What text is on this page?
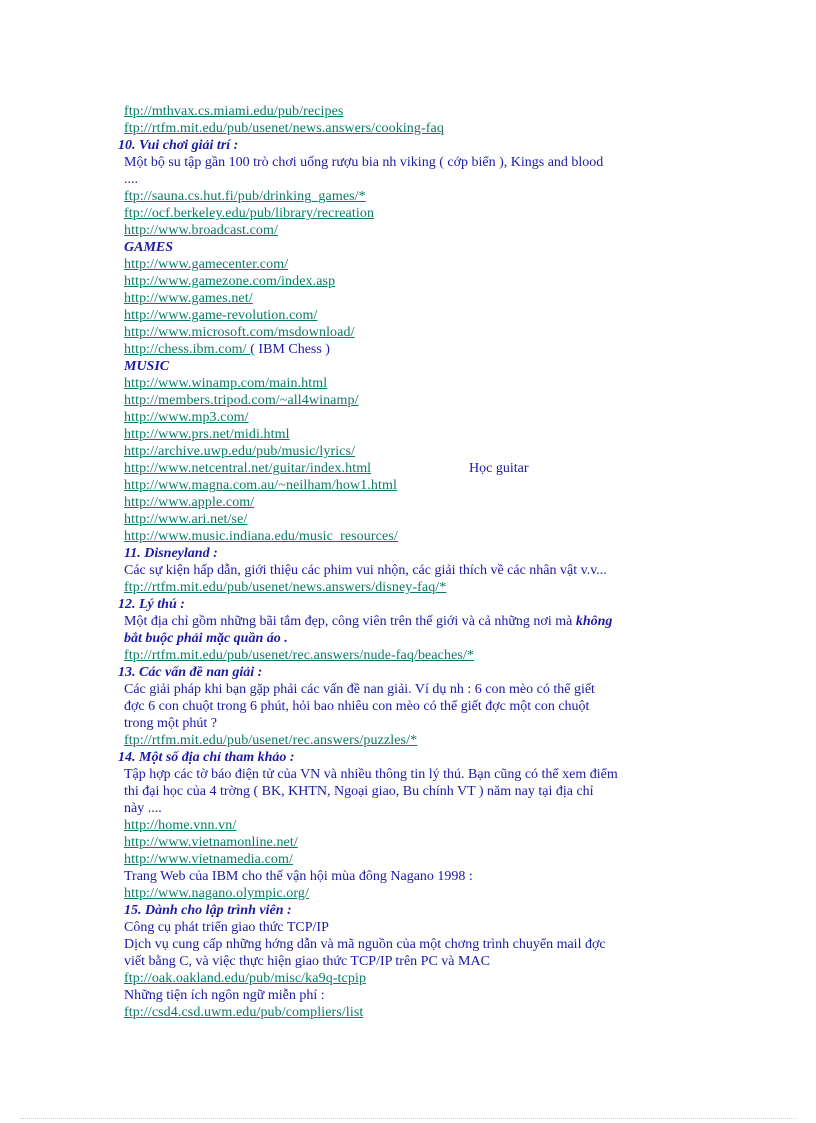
ftp://mthvax.cs.miami.edu/pub/recipes
ftp://rtfm.mit.edu/pub/usenet/news.answers/cooking-faq
10. Vui chơi giải trí :
Một bộ su tập gần 100 trò chơi uống rượu bia nh viking ( cớp biển ), Kings and blood
....
ftp://sauna.cs.hut.fi/pub/drinking_games/*
ftp://ocf.berkeley.edu/pub/library/recreation
http://www.broadcast.com/
GAMES
http://www.gamecenter.com/
http://www.gamezone.com/index.asp
http://www.games.net/
http://www.game-revolution.com/
http://www.microsoft.com/msdownload/
http://chess.ibm.com/ ( IBM Chess )
MUSIC
http://www.winamp.com/main.html
http://members.tripod.com/~all4winamp/
http://www.mp3.com/
http://www.prs.net/midi.html
http://archive.uwp.edu/pub/music/lyrics/
http://www.netcentral.net/guitar/index.html	Học guitar
http://www.magna.com.au/~neilham/how1.html
http://www.apple.com/
http://www.ari.net/se/
http://www.music.indiana.edu/music_resources/
11. Disneyland :
Các sự kiện hấp dẫn, giới thiệu các phim vui nhộn, các giải thích về các nhân vật v.v...
ftp://rtfm.mit.edu/pub/usenet/news.answers/disney-faq/*
12. Lý thú :
Một địa chỉ gồm những bãi tắm đẹp, công viên trên thế giới và cả những nơi mà không
bắt buộc phải mặc quần áo .
ftp://rtfm.mit.edu/pub/usenet/rec.answers/nude-faq/beaches/*
13. Các vấn đề nan giải :
Các giải pháp khi bạn gặp phải các vấn đề nan giải. Ví dụ nh : 6 con mèo có thể giết
đợc 6 con chuột trong 6 phút, hỏi bao nhiêu con mèo có thể giết đợc một con chuột
trong một phút ?
ftp://rtfm.mit.edu/pub/usenet/rec.answers/puzzles/*
14. Một số địa chỉ tham khảo :
Tập hợp các tờ báo điện tử của VN và nhiều thông tin lý thú. Bạn cũng có thể xem điểm
thi đại học của 4 trờng ( BK, KHTN, Ngoại giao, Bu chính VT ) năm nay tại địa chỉ
này ....
http://home.vnn.vn/
http://www.vietnamonline.net/
http://www.vietnamedia.com/
Trang Web của IBM cho thế vận hội mùa đông Nagano 1998 :
http://www.nagano.olympic.org/
15. Dành cho lập trình viên :
Công cụ phát triển giao thức TCP/IP
Dịch vụ cung cấp những hớng dẫn và mã nguồn của một chơng trình chuyển mail đợc
viết bằng C, và việc thực hiện giao thức TCP/IP trên PC và MAC
ftp://oak.oakland.edu/pub/misc/ka9q-tcpip
Những tiện ích ngôn ngữ miễn phí :
ftp://csd4.csd.uwm.edu/pub/compliers/list
